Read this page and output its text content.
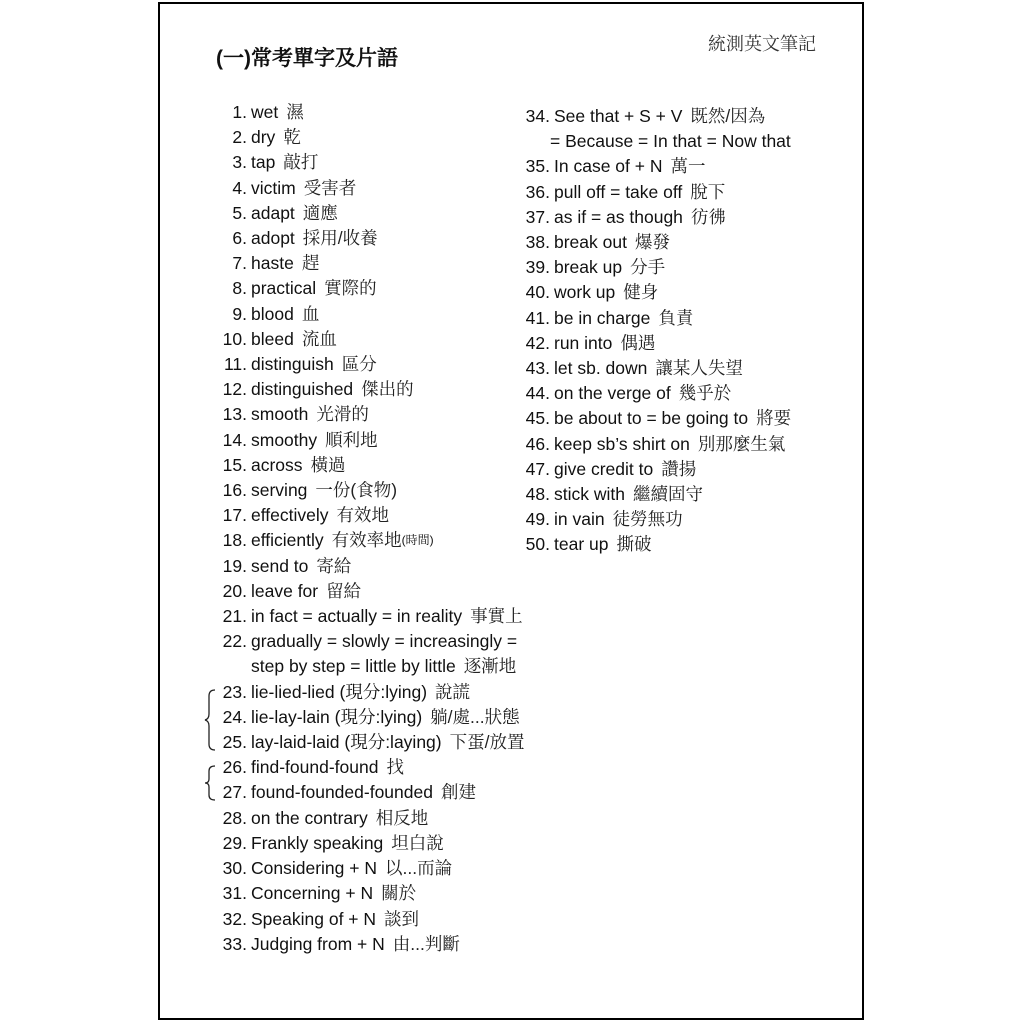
統測英文筆記
(一)常考單字及片語
1. wet 濕
2. dry 乾
3. tap 敲打
4. victim 受害者
5. adapt 適應
6. adopt 採用/收養
7. haste 趕
8. practical 實際的
9. blood 血
10. bleed 流血
11. distinguish 區分
12. distinguished 傑出的
13. smooth 光滑的
14. smoothy 順利地
15. across 橫過
16. serving 一份(食物)
17. effectively 有效地
18. efficiently 有效率地 (時間)
19. send to 寄給
20. leave for 留給
21. in fact = actually = in reality 事實上
22. gradually = slowly = increasingly =
step by step = little by little 逐漸地
23. lie-lied-lied (現分:lying) 說謊
24. lie-lay-lain (現分:lying) 躺/處...狀態
25. lay-laid-laid (現分:laying) 下蛋/放置
26. find-found-found 找
27. found-founded-founded 創建
28. on the contrary 相反地
29. Frankly speaking 坦白說
30. Considering + N 以...而論
31. Concerning + N 關於
32. Speaking of + N 談到
33. Judging from + N 由...判斷
34. See that + S + V 既然/因為
= Because = In that = Now that
35. In case of + N 萬一
36. pull off = take off 脫下
37. as if = as though 彷彿
38. break out 爆發
39. break up 分手
40. work up 健身
41. be in charge 負責
42. run into 偶遇
43. let sb. down 讓某人失望
44. on the verge of 幾乎於
45. be about to = be going to 將要
46. keep sb’s shirt on 別那麼生氣
47. give credit to 讚揚
48. stick with 繼續固守
49. in vain 徒勞無功
50. tear up 撕破
